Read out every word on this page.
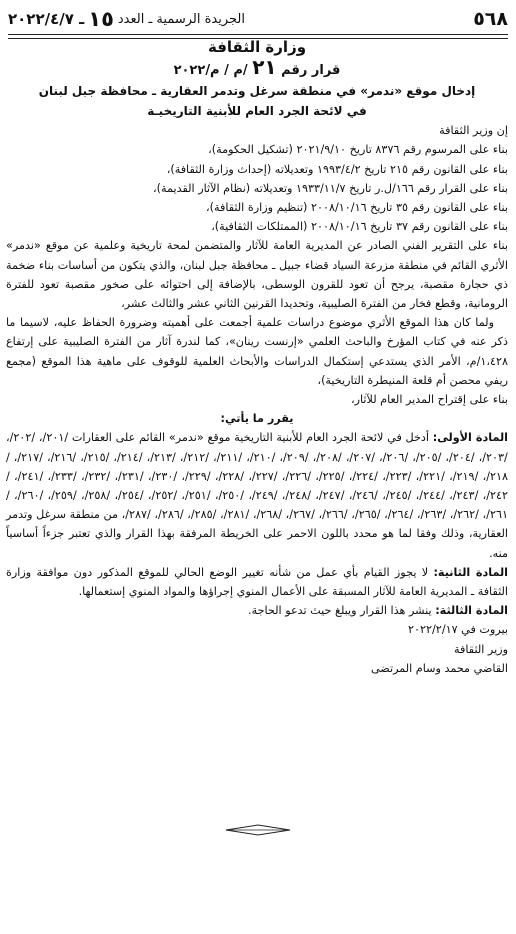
٥٦٨
الجريدة الرسمية ـ العدد
١٥
ـ ٢٠٢٢/٤/٧

وزارة الثقافة

قرار رقم ٢١ /م / م/٢٠٢٢

إدخال موقع «ندمر» في منطقة سرغل وتدمر العقارية ـ محافظة جبل لبنان

في لائحة الجرد العام للأبنية التاريخيـة

إن وزير الثقافة

بناء على المرسوم رقم ٨٣٧٦ تاريخ ٢٠٢١/٩/١٠ (تشكيل الحكومة)،

بناء على القانون رقم ٢١٥ تاريخ ١٩٩٣/٤/٢ وتعديلاته (إحداث وزارة الثقافة)،

بناء على القرار رقم ١٦٦/ل.ر تاريخ ١٩٣٣/١١/٧ وتعديلاته (نظام الآثار القديمة)،

بناء على القانون رقم ٣٥ تاريخ ٢٠٠٨/١٠/١٦ (تنظيم وزارة الثقافة)،

بناء على القانون رقم ٣٧ تاريخ ٢٠٠٨/١٠/١٦ (الممتلكات الثقافية)،

بناء على التقرير الفني الصادر عن المديرية العامة للآثار والمتضمن لمحة تاريخية وعلمية عن موقع «ندمر» الأثري القائم في منطقة مزرعة السياد قضاء جبيل ـ محافظة جبل لبنان، والذي يتكون من أساسات بناء ضخمة ذي حجارة مقصبة، يرجح أن تعود للقرون الوسطى، بالإضافة إلى احتوائه على صخور مقصبة تعود للفترة الرومانية، وقطع فخار من الفترة الصليبية، وتحديدا القرنين الثاني عشر والثالث عشر،

ولما كان هذا الموقع الأثري موضوع دراسات علمية أجمعت على أهميته وضرورة الحفاظ عليه، لاسيما ما ذكر عنه في كتاب المؤرخ والباحث العلمي «إرنست رينان»، كما لندرة آثار من الفترة الصليبية على إرتفاع ١،٤٢٨/م، الأمر الذي يستدعي إستكمال الدراسات والأبحاث العلمية للوقوف على ماهية هذا الموقع (مجمع ريفي محصن أم قلعة المنيطرة التاريخية)،

بناء على إقتراح المدير العام للآثار،

يقرر ما يأتي:

المادة الأولى: أدخل في لائحة الجرد العام للأبنية التاريخية موقع «ندمر» القائم على العقارات /٢٠١/، /٢٠٢/، /٢٠٣/، /٢٠٤/، /٢٠٥/، /٢٠٦/، /٢٠٧/، /٢٠٨/، /٢٠٩/، /٢١٠/، /٢١١/، /٢١٢/، /٢١٣/، /٢١٤/، /٢١٥/، /٢١٦/، /٢١٧/، /٢١٨/، /٢١٩/، /٢٢١/، /٢٢٣/، /٢٢٤/، /٢٢٥/، /٢٢٦/، /٢٢٧/، /٢٢٨/، /٢٢٩/، /٢٣٠/، /٢٣١/، /٢٣٢/، /٢٣٣/، /٢٤١/، /٢٤٢/، /٢٤٣/، /٢٤٤/، /٢٤٥/، /٢٤٦/، /٢٤٧/، /٢٤٨/، /٢٤٩/، /٢٥٠/، /٢٥١/، /٢٥٢/، /٢٥٤/، /٢٥٨/، /٢٥٩/، /٢٦٠/، /٢٦١/، /٢٦٢/، /٢٦٣/، /٢٦٤/، /٢٦٥/، /٢٦٦/، /٢٦٧/، /٢٦٨/، /٢٨١/، /٢٨٥/، /٢٨٦/، /٢٨٧/، من منطقة سرغل وتدمر العقارية، وذلك وفقا لما هو محدد باللون الاحمر على الخريطة المرفقة بهذا القرار والذي تعتبر جزءاً أساسياً منه.

المادة الثانية: لا يجوز القيام بأي عمل من شأنه تغيير الوضع الحالي للموقع المذكور دون موافقة وزارة الثقافة ـ المديرية العامة للآثار المسبقة على الأعمال المنوي إجراؤها والمواد المنوي إستعمالها.

المادة الثالثة: ينشر هذا القرار ويبلغ حيث تدعو الحاجة.

بيروت في ٢٠٢٢/٢/١٧

وزير الثقافة

القاضي محمد وسام المرتضى
